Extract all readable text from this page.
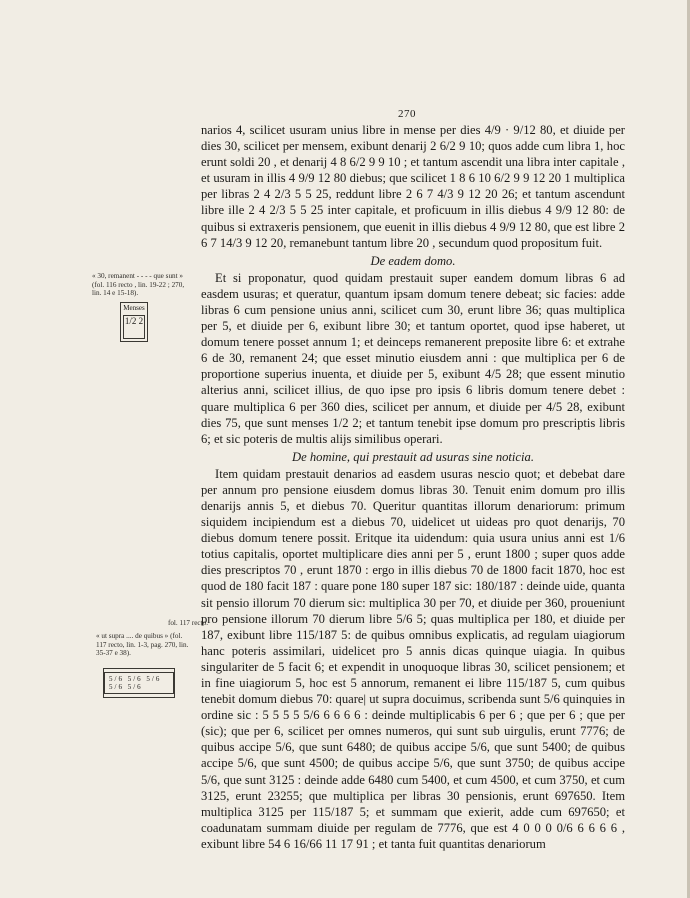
270
« 30, remanent - - - - que sunt » (fol. 116 recto , lin. 19-22 ; 270, lin. 14 e 15-18).
Menses
1/2 2
fol. 117 recto.
« ut supra .... de quibus » (fol. 117 recto, lin. 1-3, pag. 270, lin. 35-37 e 38).
5/6 5/6 5/6 5/6 5/6

narios 4, scilicet usuram unius libre in mense per dies 4/9 · 9/12 80, et diuide per dies 30, scilicet per mensem, exibunt denarij 2 6/2 9 10; quos adde cum libra 1, hoc erunt soldi 20 , et denarij 4 8 6/2 9 9 10 ; et tantum ascendit una libra inter capitale , et usuram in illis 4 9/9 12 80 diebus; que scilicet 1 8 6 10 6/2 9 9 12 20 1 multiplica per libras 2 4 2/3 5 5 25, reddunt libre 2 6 7 4/3 9 12 20 26; et tantum ascendunt libre ille 2 4 2/3 5 5 25 inter capitale, et proficuum in illis diebus 4 9/9 12 80: de quibus si extraxeris pensionem, que euenit in illis diebus 4 9/9 12 80, que est libre 2 6 7 14/3 9 12 20, remanebunt tantum libre 20 , secundum quod propositum fuit.

De eadem domo.

Et si proponatur, quod quidam prestauit super eandem domum libras 6 ad easdem usuras; et queratur, quantum ipsam domum tenere debeat; sic facies: adde libras 6 cum pensione unius anni, scilicet cum 30, erunt libre 36; quas multiplica per 5, et diuide per 6, exibunt libre 30; et tantum oportet, quod ipse haberet, ut domum tenere posset annum 1; et deinceps remanerent preposite libre 6: et extrahe 6 de 30, remanent 24; que esset minutio eiusdem anni : que multiplica per 6 de proportione superius inuenta, et diuide per 5, exibunt 4/5 28; que essent minutio alterius anni, scilicet illius, de quo ipse pro ipsis 6 libris domum tenere debet : quare multiplica 6 per 360 dies, scilicet per annum, et diuide per 4/5 28, exibunt dies 75, que sunt menses 1/2 2; et tantum tenebit ipse domum pro prescriptis libris 6; et sic poteris de multis alijs similibus operari.

De homine, qui prestauit ad usuras sine noticia.

Item quidam prestauit denarios ad easdem usuras nescio quot; et debebat dare per annum pro pensione eiusdem domus libras 30. Tenuit enim domum pro illis denarijs annis 5, et diebus 70. Queritur quantitas illorum denariorum: primum siquidem incipiendum est a diebus 70, uidelicet ut uideas pro quot denarijs, 70 diebus domum tenere possit. Eritque ita uidendum: quia usura unius anni est 1/6 totius capitalis, oportet multiplicare dies anni per 5 , erunt 1800 ; super quos adde dies prescriptos 70 , erunt 1870 : ergo in illis diebus 70 de 1800 facit 1870, hoc est quod de 180 facit 187 : quare pone 180 super 187 sic: 180/187 : deinde uide, quanta sit pensio illorum 70 dierum sic: multiplica 30 per 70, et diuide per 360, proueniunt pro pensione illorum 70 dierum libre 5/6 5; quas multiplica per 180, et diuide per 187, exibunt libre 115/187 5: de quibus omnibus explicatis, ad regulam uiagiorum hanc poteris assimilari, uidelicet pro 5 annis dicas quinque uiagia. In quibus singulariter de 5 facit 6; et expendit in unoquoque libras 30, scilicet pensionem; et in fine uiagiorum 5, hoc est 5 annorum, remanent ei libre 115/187 5, cum quibus tenebit domum diebus 70: quare| ut supra docuimus, scribenda sunt 5/6 quinquies in ordine sic : 5 5 5 5 5/6 6 6 6 6 : deinde multiplicabis 6 per 6 ; que per 6 ; que per (sic); que per 6, scilicet per omnes numeros, qui sunt sub uirgulis, erunt 7776; de quibus accipe 5/6, que sunt 6480; de quibus accipe 5/6, que sunt 5400; de quibus accipe 5/6, que sunt 4500; de quibus accipe 5/6, que sunt 3750; de quibus accipe 5/6, que sunt 3125 : deinde adde 6480 cum 5400, et cum 4500, et cum 3750, et cum 3125, erunt 23255; que multiplica per libras 30 pensionis, erunt 697650. Item multiplica 3125 per 115/187 5; et summam que exierit, adde cum 697650; et coadunatam summam diuide per regulam de 7776, que est 4 0 0 0 0/6 6 6 6 6 , exibunt libre 54 6 16/66 11 17 91 ; et tanta fuit quantitas denariorum
